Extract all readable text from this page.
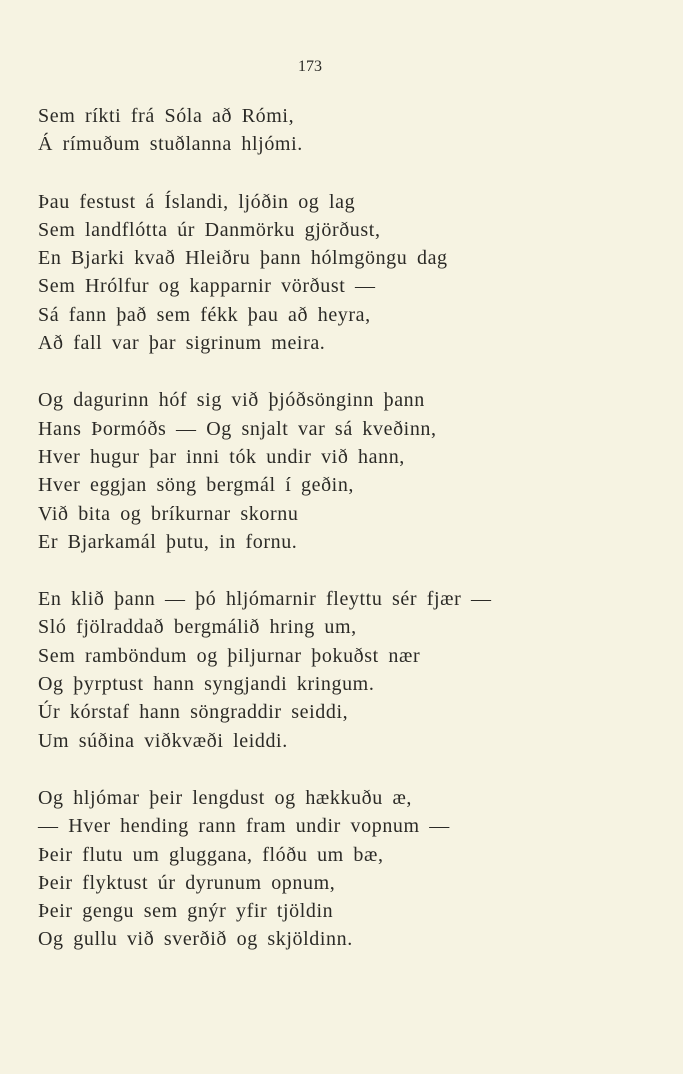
173
Sem ríkti frá Sóla að Rómi,
Á rímuðum stuðlanna hljómi.
Þau festust á Íslandi, ljóðin og lag
Sem landflótta úr Danmörku gjörðust,
En Bjarki kvað Hleiðru þann hólmgöngu dag
Sem Hrólfur og kapparnir vörðust —
Sá fann það sem fékk þau að heyra,
Að fall var þar sigrinum meira.
Og dagurinn hóf sig við þjóðsönginn þann
Hans Þormóðs — Og snjalt var sá kveðinn,
Hver hugur þar inni tók undir við hann,
Hver eggjan söng bergmál í geðin,
Við bita og bríkurnar skornu
Er Bjarkamál þutu, in fornu.
En klið þann — þó hljómarnir fleyttu sér fjær —
Sló fjölraddað bergmálið hring um,
Sem ramböndum og þiljurnar þokuðst nær
Og þyrptust hann syngjandi kringum.
Úr kórstaf hann söngraddir seiddi,
Um súðina viðkvæði leiddi.
Og hljómar þeir lengdust og hækkuðu æ,
— Hver hending rann fram undir vopnum —
Þeir flutu um gluggana, flóðu um bæ,
Þeir flyktust úr dyrunum opnum,
Þeir gengu sem gnýr yfir tjöldin
Og gullu við sverðið og skjöldinn.
